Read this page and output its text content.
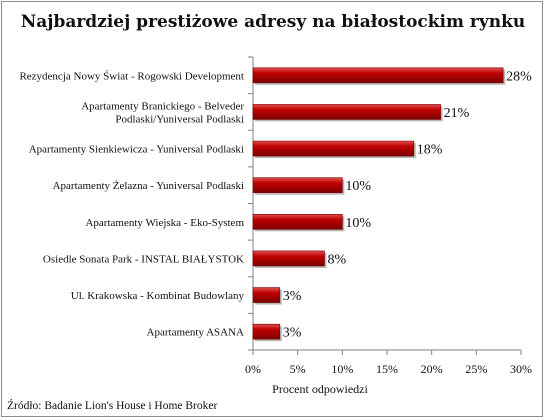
Najbardziej prestiżowe adresy na białostockim rynku
0% 5% 10% 15% 20% 25% 30%
28%
Rezydencja Nowy Świat - Rogowski Development
21%
Apartamenty Branickiego - Belveder Podlaski/Yuniversal Podlaski
18%
Apartamenty Sienkiewicza - Yuniversal Podlaski
10%
Apartamenty Żelazna - Yuniversal Podlaski
10%
Apartamenty Wiejska - Eko-System
8%
Osiedle Sonata Park - INSTAL BIAŁYSTOK
3%
Ul. Krakowska - Kombinat Budowlany
3%
Apartamenty ASANA
Procent odpowiedzi
Źródło: Badanie Lion's House i Home Broker
